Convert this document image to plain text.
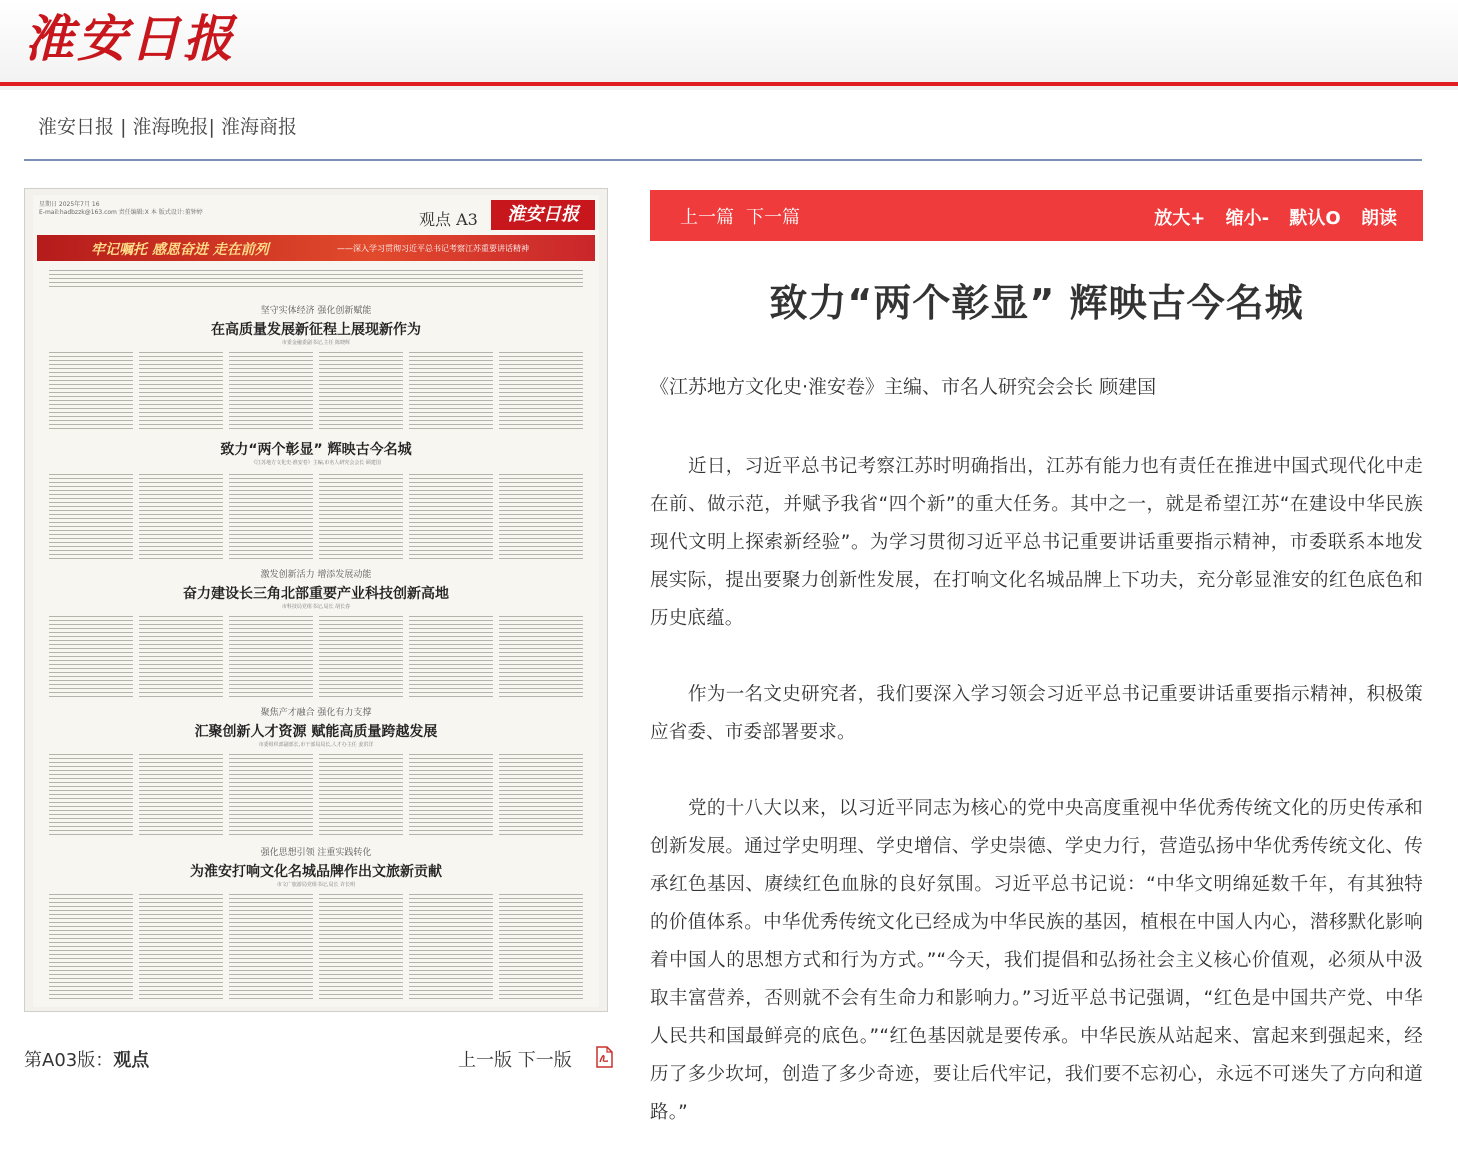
淮安日报
淮安日报 | 淮海晚报| 淮海商报
星期日 2025年7月 16
E-mail:hadbzzk@163.com 责任编辑:X 本 版式设计:董钟婷	观点 A3	淮安日报
牢记嘱托 感恩奋进 走在前列	——深入学习贯彻习近平总书记考察江苏重要讲话精神
坚守实体经济 强化创新赋能
在高质量发展新征程上展现新作为
市委金融委副书记,主任 陈晓辉
致力“两个彰显” 辉映古今名城
《江苏地方文化史·淮安卷》主编,市名人研究会会长 顾建国
激发创新活力 增添发展动能
奋力建设长三角北部重要产业科技创新高地
市科技局党组书记,局长 胡长春
聚焦产才融合 强化有力支撑
汇聚创新人才资源 赋能高质量跨越发展
市委组织部副部长,市干部局局长,人才办主任 姜洪洋
强化思想引领 注重实践转化
为淮安打响文化名城品牌作出文旅新贡献
市文广旅游局党组书记,局长 许长明
第A03版：观点	上一版 下一版
上一篇 下一篇	放大+ 缩小- 默认O 朗读
致力“两个彰显” 辉映古今名城
《江苏地方文化史·淮安卷》主编、市名人研究会会长 顾建国

近日，习近平总书记考察江苏时明确指出，江苏有能力也有责任在推进中国式现代化中走在前、做示范，并赋予我省“四个新”的重大任务。其中之一，就是希望江苏“在建设中华民族现代文明上探索新经验”。为学习贯彻习近平总书记重要讲话重要指示精神，市委联系本地发展实际，提出要聚力创新性发展，在打响文化名城品牌上下功夫，充分彰显淮安的红色底色和历史底蕴。

作为一名文史研究者，我们要深入学习领会习近平总书记重要讲话重要指示精神，积极策应省委、市委部署要求。

党的十八大以来，以习近平同志为核心的党中央高度重视中华优秀传统文化的历史传承和创新发展。通过学史明理、学史增信、学史崇德、学史力行，营造弘扬中华优秀传统文化、传承红色基因、赓续红色血脉的良好氛围。习近平总书记说：“中华文明绵延数千年，有其独特的价值体系。中华优秀传统文化已经成为中华民族的基因，植根在中国人内心，潜移默化影响着中国人的思想方式和行为方式。”“今天，我们提倡和弘扬社会主义核心价值观，必须从中汲取丰富营养，否则就不会有生命力和影响力。”习近平总书记强调，“红色是中国共产党、中华人民共和国最鲜亮的底色。”“红色基因就是要传承。中华民族从站起来、富起来到强起来，经历了多少坎坷，创造了多少奇迹，要让后代牢记，我们要不忘初心，永远不可迷失了方向和道路。”
